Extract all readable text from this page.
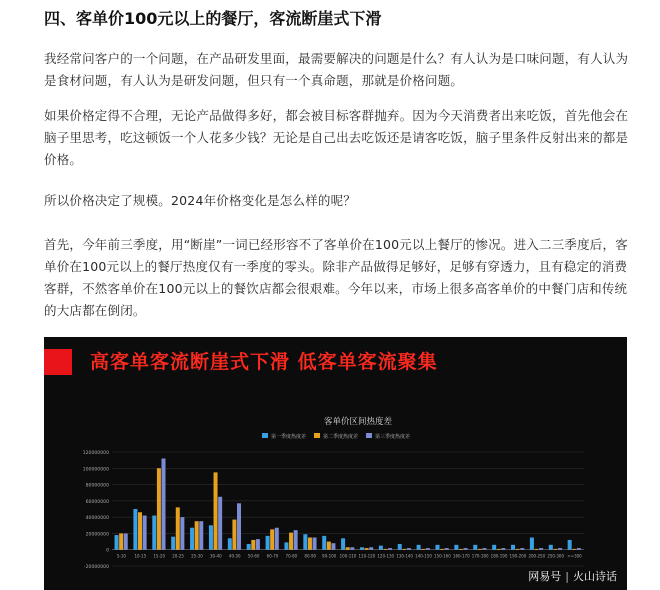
四、客单价100元以上的餐厅，客流断崖式下滑

我经常问客户的一个问题，在产品研发里面，最需要解决的问题是什么？有人认为是口味问题，有人认为是食材问题，有人认为是研发问题，但只有一个真命题，那就是价格问题。

如果价格定得不合理，无论产品做得多好，都会被目标客群抛弃。因为今天消费者出来吃饭，首先他会在脑子里思考，吃这顿饭一个人花多少钱？无论是自己出去吃饭还是请客吃饭，脑子里条件反射出来的都是价格。

所以价格决定了规模。2024年价格变化是怎么样的呢？

首先，今年前三季度，用“断崖”一词已经形容不了客单价在100元以上餐厅的惨况。进入二三季度后，客单价在100元以上的餐厅热度仅有一季度的零头。除非产品做得足够好，足够有穿透力，且有稳定的消费客群，不然客单价在100元以上的餐饮店都会很艰难。今年以来，市场上很多高客单价的中餐门店和传统的大店都在倒闭。

高客单客流断崖式下滑 低客单客流聚集
客单价区间热度差
第一季度热度差	第二季度热度差	第三季度热度差
-20000000
0
20000000
40000000
60000000
80000000
100000000
120000000
5-10 10-15 15-20 20-25 25-30 30-40 40-50 50-60 60-70 70-80 80-90 90-100 100-110 110-120 120-130 130-140 140-150 150-160 160-170 170-180 180-190 190-200 200-250 250-300 >=300
网易号 | 火山诗话
